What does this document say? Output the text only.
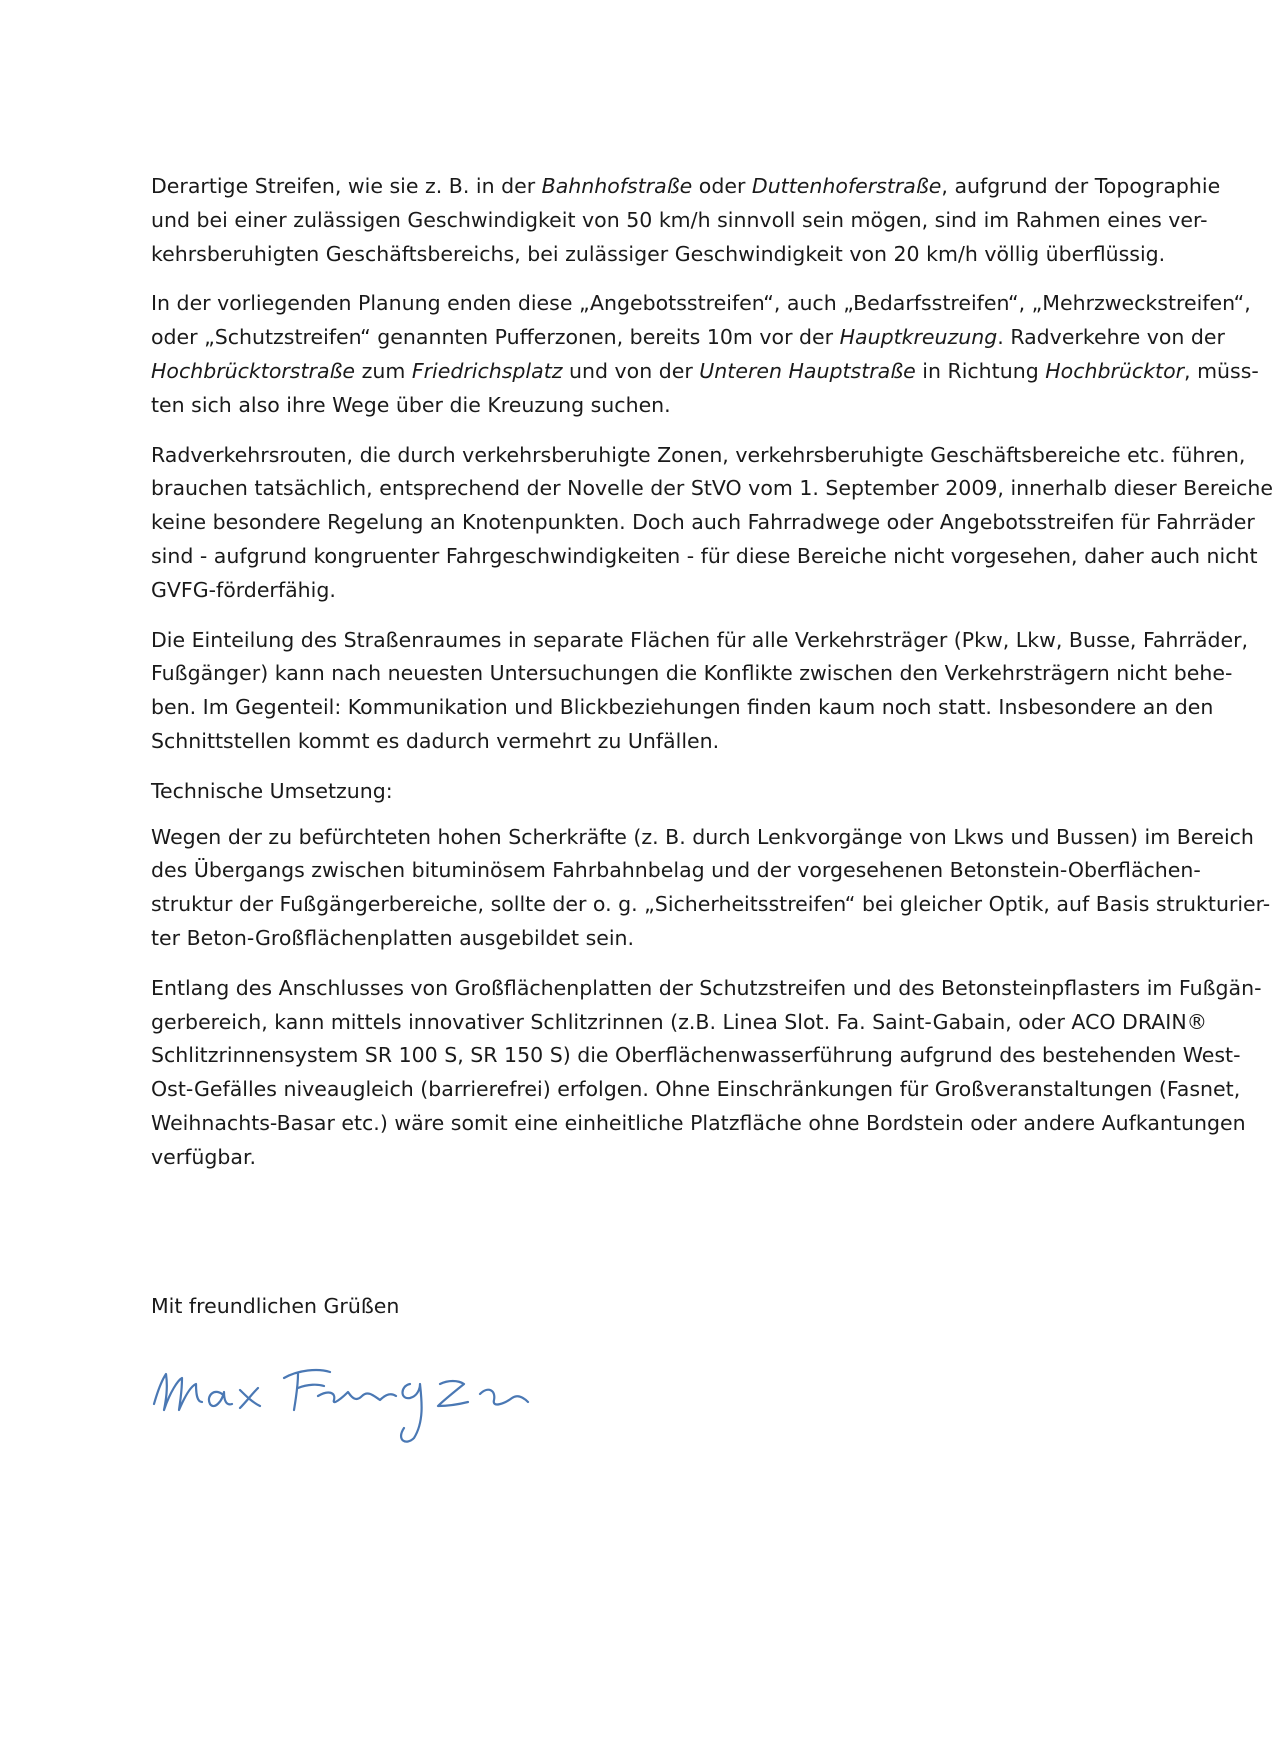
Derartige Streifen, wie sie z. B. in der Bahnhofstraße oder Duttenhoferstraße, aufgrund der Topographie
und bei einer zulässigen Geschwindigkeit von 50 km/h sinnvoll sein mögen, sind im Rahmen eines ver-
kehrsberuhigten Geschäftsbereichs, bei zulässiger Geschwindigkeit von 20 km/h völlig überflüssig.
In der vorliegenden Planung enden diese „Angebotsstreifen“, auch „Bedarfsstreifen“, „Mehrzweckstreifen“,
oder „Schutzstreifen“ genannten Pufferzonen, bereits 10m vor der Hauptkreuzung. Radverkehre von der
Hochbrücktorstraße zum Friedrichsplatz und von der Unteren Hauptstraße in Richtung Hochbrücktor, müss-
ten sich also ihre Wege über die Kreuzung suchen.
Radverkehrsrouten, die durch verkehrsberuhigte Zonen, verkehrsberuhigte Geschäftsbereiche etc. führen,
brauchen tatsächlich, entsprechend der Novelle der StVO vom 1. September 2009, innerhalb dieser Bereiche
keine besondere Regelung an Knotenpunkten. Doch auch Fahrradwege oder Angebotsstreifen für Fahrräder
sind - aufgrund kongruenter Fahrgeschwindigkeiten - für diese Bereiche nicht vorgesehen, daher auch nicht
GVFG-förderfähig.
Die Einteilung des Straßenraumes in separate Flächen für alle Verkehrsträger (Pkw, Lkw, Busse, Fahrräder,
Fußgänger) kann nach neuesten Untersuchungen die Konflikte zwischen den Verkehrsträgern nicht behe-
ben. Im Gegenteil: Kommunikation und Blickbeziehungen finden kaum noch statt. Insbesondere an den
Schnittstellen kommt es dadurch vermehrt zu Unfällen.
Technische Umsetzung:
Wegen der zu befürchteten hohen Scherkräfte (z. B. durch Lenkvorgänge von Lkws und Bussen) im Bereich
des Übergangs zwischen bituminösem Fahrbahnbelag und der vorgesehenen Betonstein-Oberflächen-
struktur der Fußgängerbereiche, sollte der o. g. „Sicherheitsstreifen“ bei gleicher Optik, auf Basis strukturier-
ter Beton-Großflächenplatten ausgebildet sein.
Entlang des Anschlusses von Großflächenplatten der Schutzstreifen und des Betonsteinpflasters im Fußgän-
gerbereich, kann mittels innovativer Schlitzrinnen (z.B. Linea Slot. Fa. Saint-Gabain, oder ACO DRAIN®
Schlitzrinnensystem SR 100 S, SR 150 S) die Oberflächenwasserführung aufgrund des bestehenden West-
Ost-Gefälles niveaugleich (barrierefrei) erfolgen. Ohne Einschränkungen für Großveranstaltungen (Fasnet,
Weihnachts-Basar etc.) wäre somit eine einheitliche Platzfläche ohne Bordstein oder andere Aufkantungen
verfügbar.
Mit freundlichen Grüßen
